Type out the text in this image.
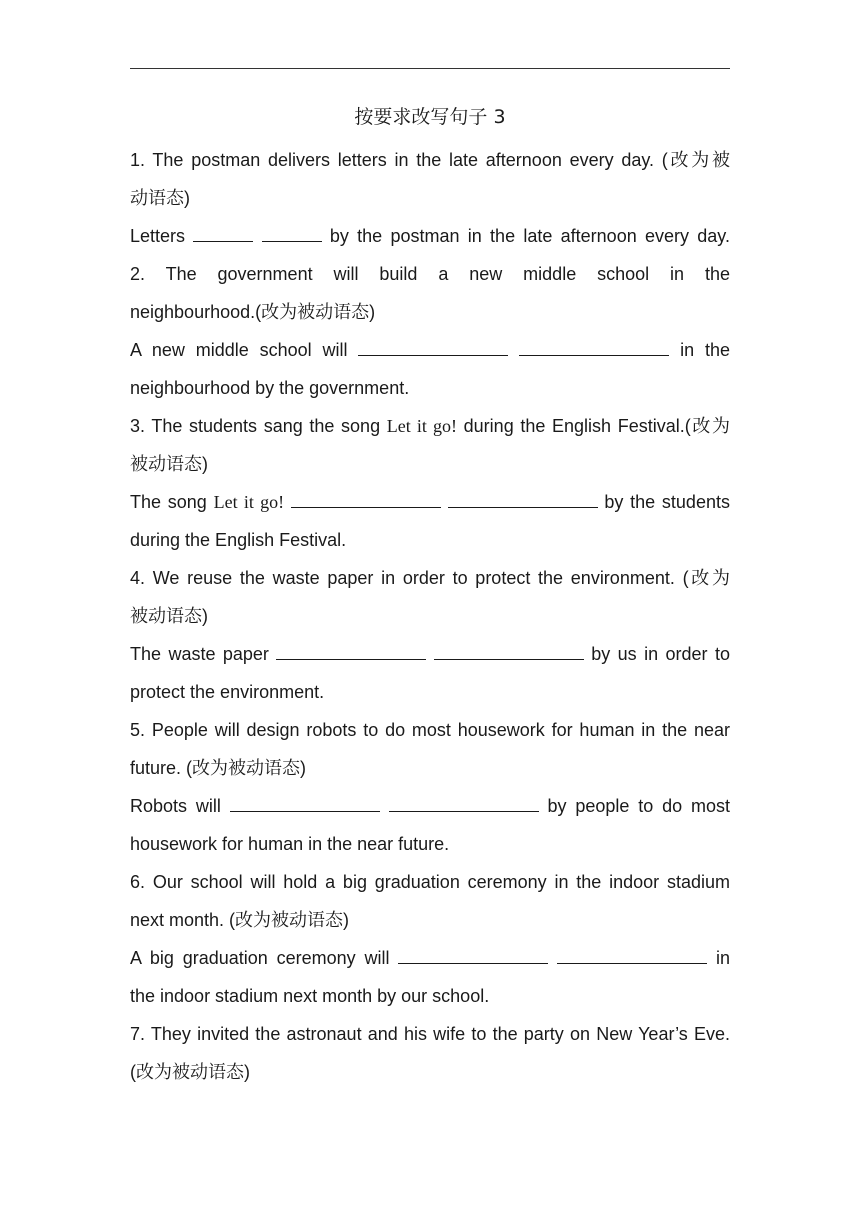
按要求改写句子 3
1. The postman delivers letters in the late afternoon every day. (改为被
动语态)
Letters	by the postman in the late afternoon every day.
2. The government will build a new middle school in the
neighbourhood.(改为被动语态)
A new middle school will	in the
neighbourhood by the government.
3. The students sang the song Let it go! during the English Festival.(改为
被动语态)
The song Let it go!	by the students
during the English Festival.
4. We reuse the waste paper in order to protect the environment. (改为
被动语态)
The waste paper	by us in order to
protect the environment.
5. People will design robots to do most housework for human in the near
future. (改为被动语态)
Robots will	by people to do most
housework for human in the near future.
6. Our school will hold a big graduation ceremony in the indoor stadium
next month. (改为被动语态)
A big graduation ceremony will	in
the indoor stadium next month by our school.
7. They invited the astronaut and his wife to the party on New Year’s Eve.
(改为被动语态)
